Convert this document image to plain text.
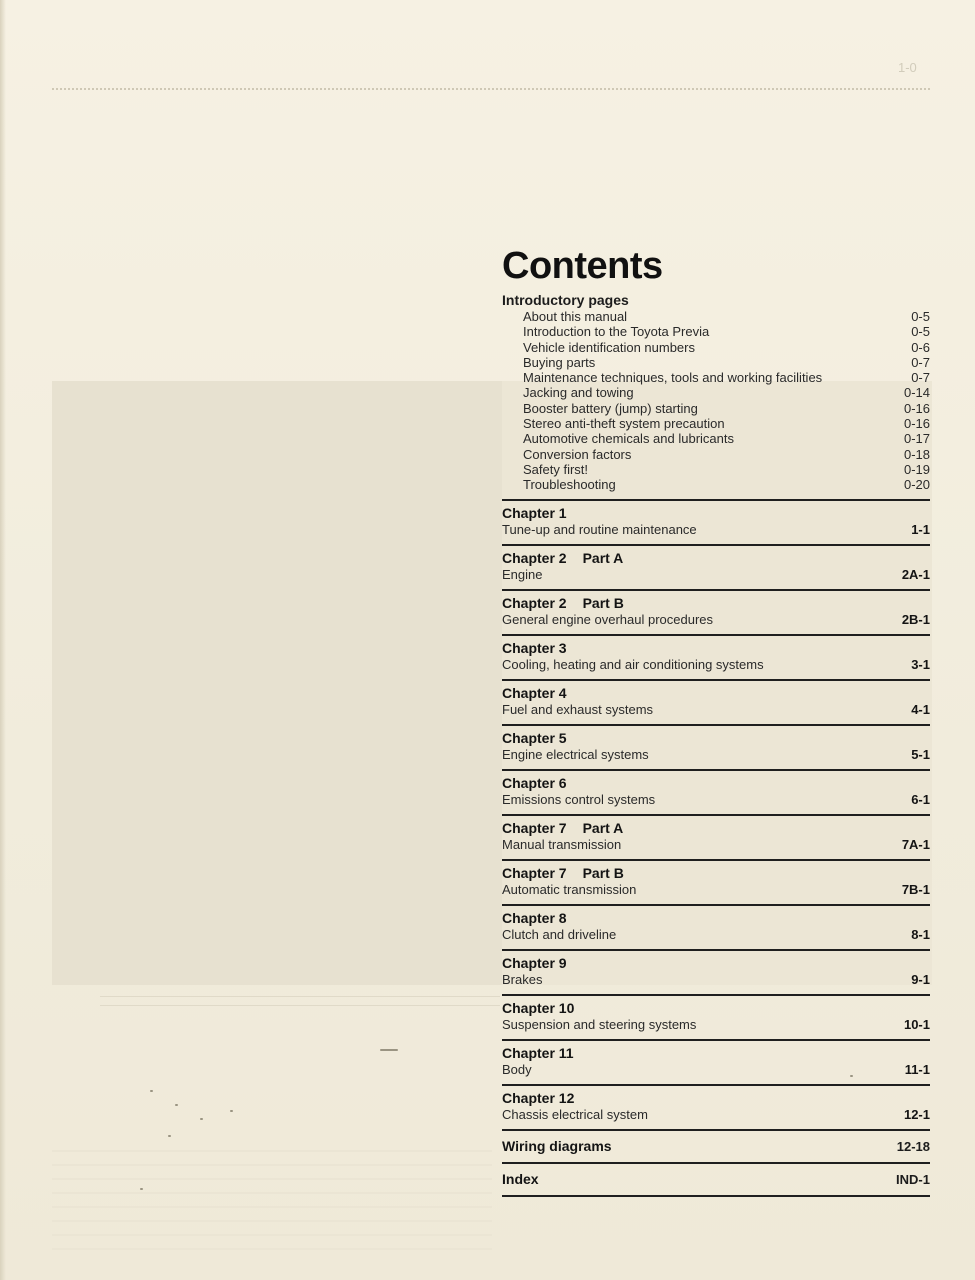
1-0
Contents
Introductory pages
About this manual	0-5
Introduction to the Toyota Previa	0-5
Vehicle identification numbers	0-6
Buying parts	0-7
Maintenance techniques, tools and working facilities	0-7
Jacking and towing	0-14
Booster battery (jump) starting	0-16
Stereo anti-theft system precaution	0-16
Automotive chemicals and lubricants	0-17
Conversion factors	0-18
Safety first!	0-19
Troubleshooting	0-20
Chapter 1
Tune-up and routine maintenance	1-1
Chapter 2 Part A
Engine	2A-1
Chapter 2 Part B
General engine overhaul procedures	2B-1
Chapter 3
Cooling, heating and air conditioning systems	3-1
Chapter 4
Fuel and exhaust systems	4-1
Chapter 5
Engine electrical systems	5-1
Chapter 6
Emissions control systems	6-1
Chapter 7 Part A
Manual transmission	7A-1
Chapter 7 Part B
Automatic transmission	7B-1
Chapter 8
Clutch and driveline	8-1
Chapter 9
Brakes	9-1
Chapter 10
Suspension and steering systems	10-1
Chapter 11
Body	11-1
Chapter 12
Chassis electrical system	12-1
Wiring diagrams	12-18
Index	IND-1
